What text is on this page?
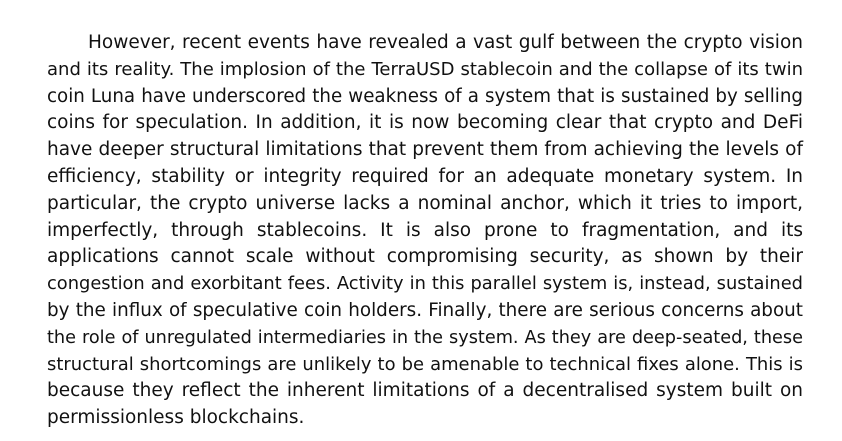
However, recent events have revealed a vast gulf between the crypto vision
and its reality. The implosion of the TerraUSD stablecoin and the collapse of its twin
coin Luna have underscored the weakness of a system that is sustained by selling
coins for speculation. In addition, it is now becoming clear that crypto and DeFi
have deeper structural limitations that prevent them from achieving the levels of
efficiency, stability or integrity required for an adequate monetary system. In
particular, the crypto universe lacks a nominal anchor, which it tries to import,
imperfectly, through stablecoins. It is also prone to fragmentation, and its
applications cannot scale without compromising security, as shown by their
congestion and exorbitant fees. Activity in this parallel system is, instead, sustained
by the influx of speculative coin holders. Finally, there are serious concerns about
the role of unregulated intermediaries in the system. As they are deep-seated, these
structural shortcomings are unlikely to be amenable to technical fixes alone. This is
because they reflect the inherent limitations of a decentralised system built on
permissionless blockchains.
